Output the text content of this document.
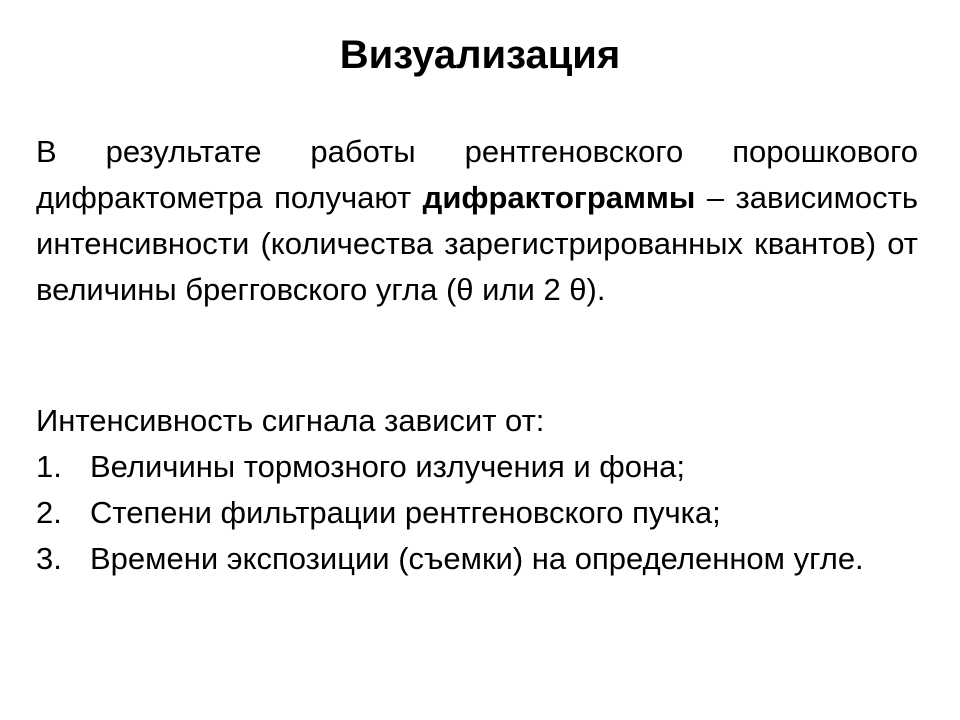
Визуализация

В результате работы рентгеновского порошкового дифрактометра получают дифрактограммы – зависимость интенсивности (количества зарегистрированных квантов) от величины брегговского угла (θ или 2 θ).

Интенсивность сигнала зависит от:

1. Величины тормозного излучения и фона;
2. Степени фильтрации рентгеновского пучка;
3. Времени экспозиции (съемки) на определенном угле.
